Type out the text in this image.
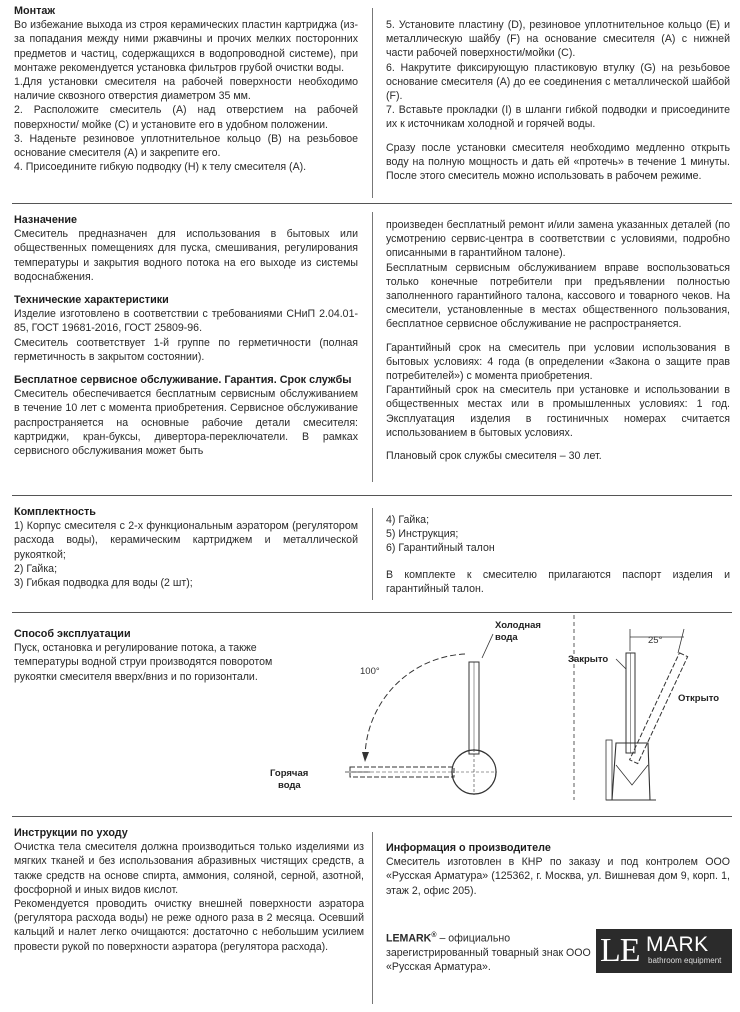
Монтаж

Во избежание выхода из строя керамических пластин картриджа (из-за попадания между ними ржавчины и прочих мелких посторонних предметов и частиц, содержащихся в водопроводной системе), при монтаже рекомендуется установка фильтров грубой очистки воды.

1.Для установки смесителя на рабочей поверхности необходимо наличие сквозного отверстия диаметром 35 мм.

2. Расположите смеситель (А) над отверстием на рабочей поверхности/ мойке (С) и установите его в удобном положении.

3. Наденьте резиновое уплотнительное кольцо (В) на резьбовое основание смесителя (А) и закрепите его.

4. Присоедините гибкую подводку (Н) к телу смесителя (А).

5. Установите пластину (D), резиновое уплотнительное кольцо (Е) и металлическую шайбу (F) на основание смесителя (А) с нижней части рабочей поверхности/мойки (С).

6. Накрутите фиксирующую пластиковую втулку (G) на резьбовое основание смесителя (А) до ее соединения с металлической шайбой (F).

7. Вставьте прокладки (I) в шланги гибкой подводки и присоедините их к источникам холодной и горячей воды.

Сразу после установки смесителя необходимо медленно открыть воду на полную мощность и дать ей «протечь» в течение 1 минуты. После этого смеситель можно использовать в рабочем режиме.

Назначение

Смеситель предназначен для использования в бытовых или общественных помещениях для пуска, смешивания, регулирования температуры и закрытия водного потока на его выходе из системы водоснабжения.

Технические характеристики

Изделие изготовлено в соответствии с требованиями СНиП 2.04.01-85, ГОСТ 19681-2016, ГОСТ 25809-96.

Смеситель соответствует 1-й группе по герметичности (полная герметичность в закрытом состоянии).

Бесплатное сервисное обслуживание. Гарантия. Срок службы

Смеситель обеспечивается бесплатным сервисным обслуживанием в течение 10 лет с момента приобретения. Сервисное обслуживание распространяется на основные рабочие детали смесителя: картриджи, кран-буксы, дивертора-переключатели. В рамках сервисного обслуживания может быть

произведен бесплатный ремонт и/или замена указанных деталей (по усмотрению сервис-центра в соответствии с условиями, подробно описанными в гарантийном талоне).

Бесплатным сервисным обслуживанием вправе воспользоваться только конечные потребители при предъявлении полностью заполненного гарантийного талона, кассового и товарного чеков. На смесители, установленные в местах общественного пользования, бесплатное сервисное обслуживание не распространяется.

Гарантийный срок на смеситель при условии использования в бытовых условиях: 4 года (в определении «Закона о защите прав потребителей») с момента приобретения.

Гарантийный срок на смеситель при установке и использовании в общественных местах или в промышленных условиях: 1 год. Эксплуатация изделия в гостиничных номерах считается использованием в бытовых условиях.

Плановый срок службы смесителя – 30 лет.

Комплектность

1) Корпус смесителя с 2-х функциональным аэратором (регулятором расхода воды), керамическим картриджем и металлической рукояткой;

2) Гайка;

3) Гибкая подводка для воды (2 шт);

4) Гайка;

5) Инструкция;

6) Гарантийный талон

В комплекте к смесителю прилагаются паспорт изделия и гарантийный талон.

Способ эксплуатации

Пуск, остановка и регулирование потока, а также температуры водной струи производятся поворотом рукоятки смесителя вверх/вниз и по горизонтали.	100°
Холодная
вода
Горячая
вода
25°
Закрыто
Открыто
Инструкции по уходу

Очистка тела смесителя должна производиться только изделиями из мягких тканей и без использования абразивных чистящих средств, а также средств на основе спирта, аммония, соляной, серной, азотной, фосфорной и иных видов кислот.

Рекомендуется проводить очистку внешней поверхности аэратора (регулятора расхода воды) не реже одного раза в 2 месяца. Осевший кальций и налет легко очищаются: достаточно с небольшим усилием провести рукой по поверхности аэратора (регулятора расхода).

Информация о производителе

Смеситель изготовлен в КНР по заказу и под контролем ООО «Русская Арматура» (125362, г. Москва, ул. Вишневая дом 9, корп. 1, этаж 2, офис 205).

LEMARK® – официально зарегистрированный товарный знак ООО «Русская Арматура».	LE MARK
bathroom equipment
